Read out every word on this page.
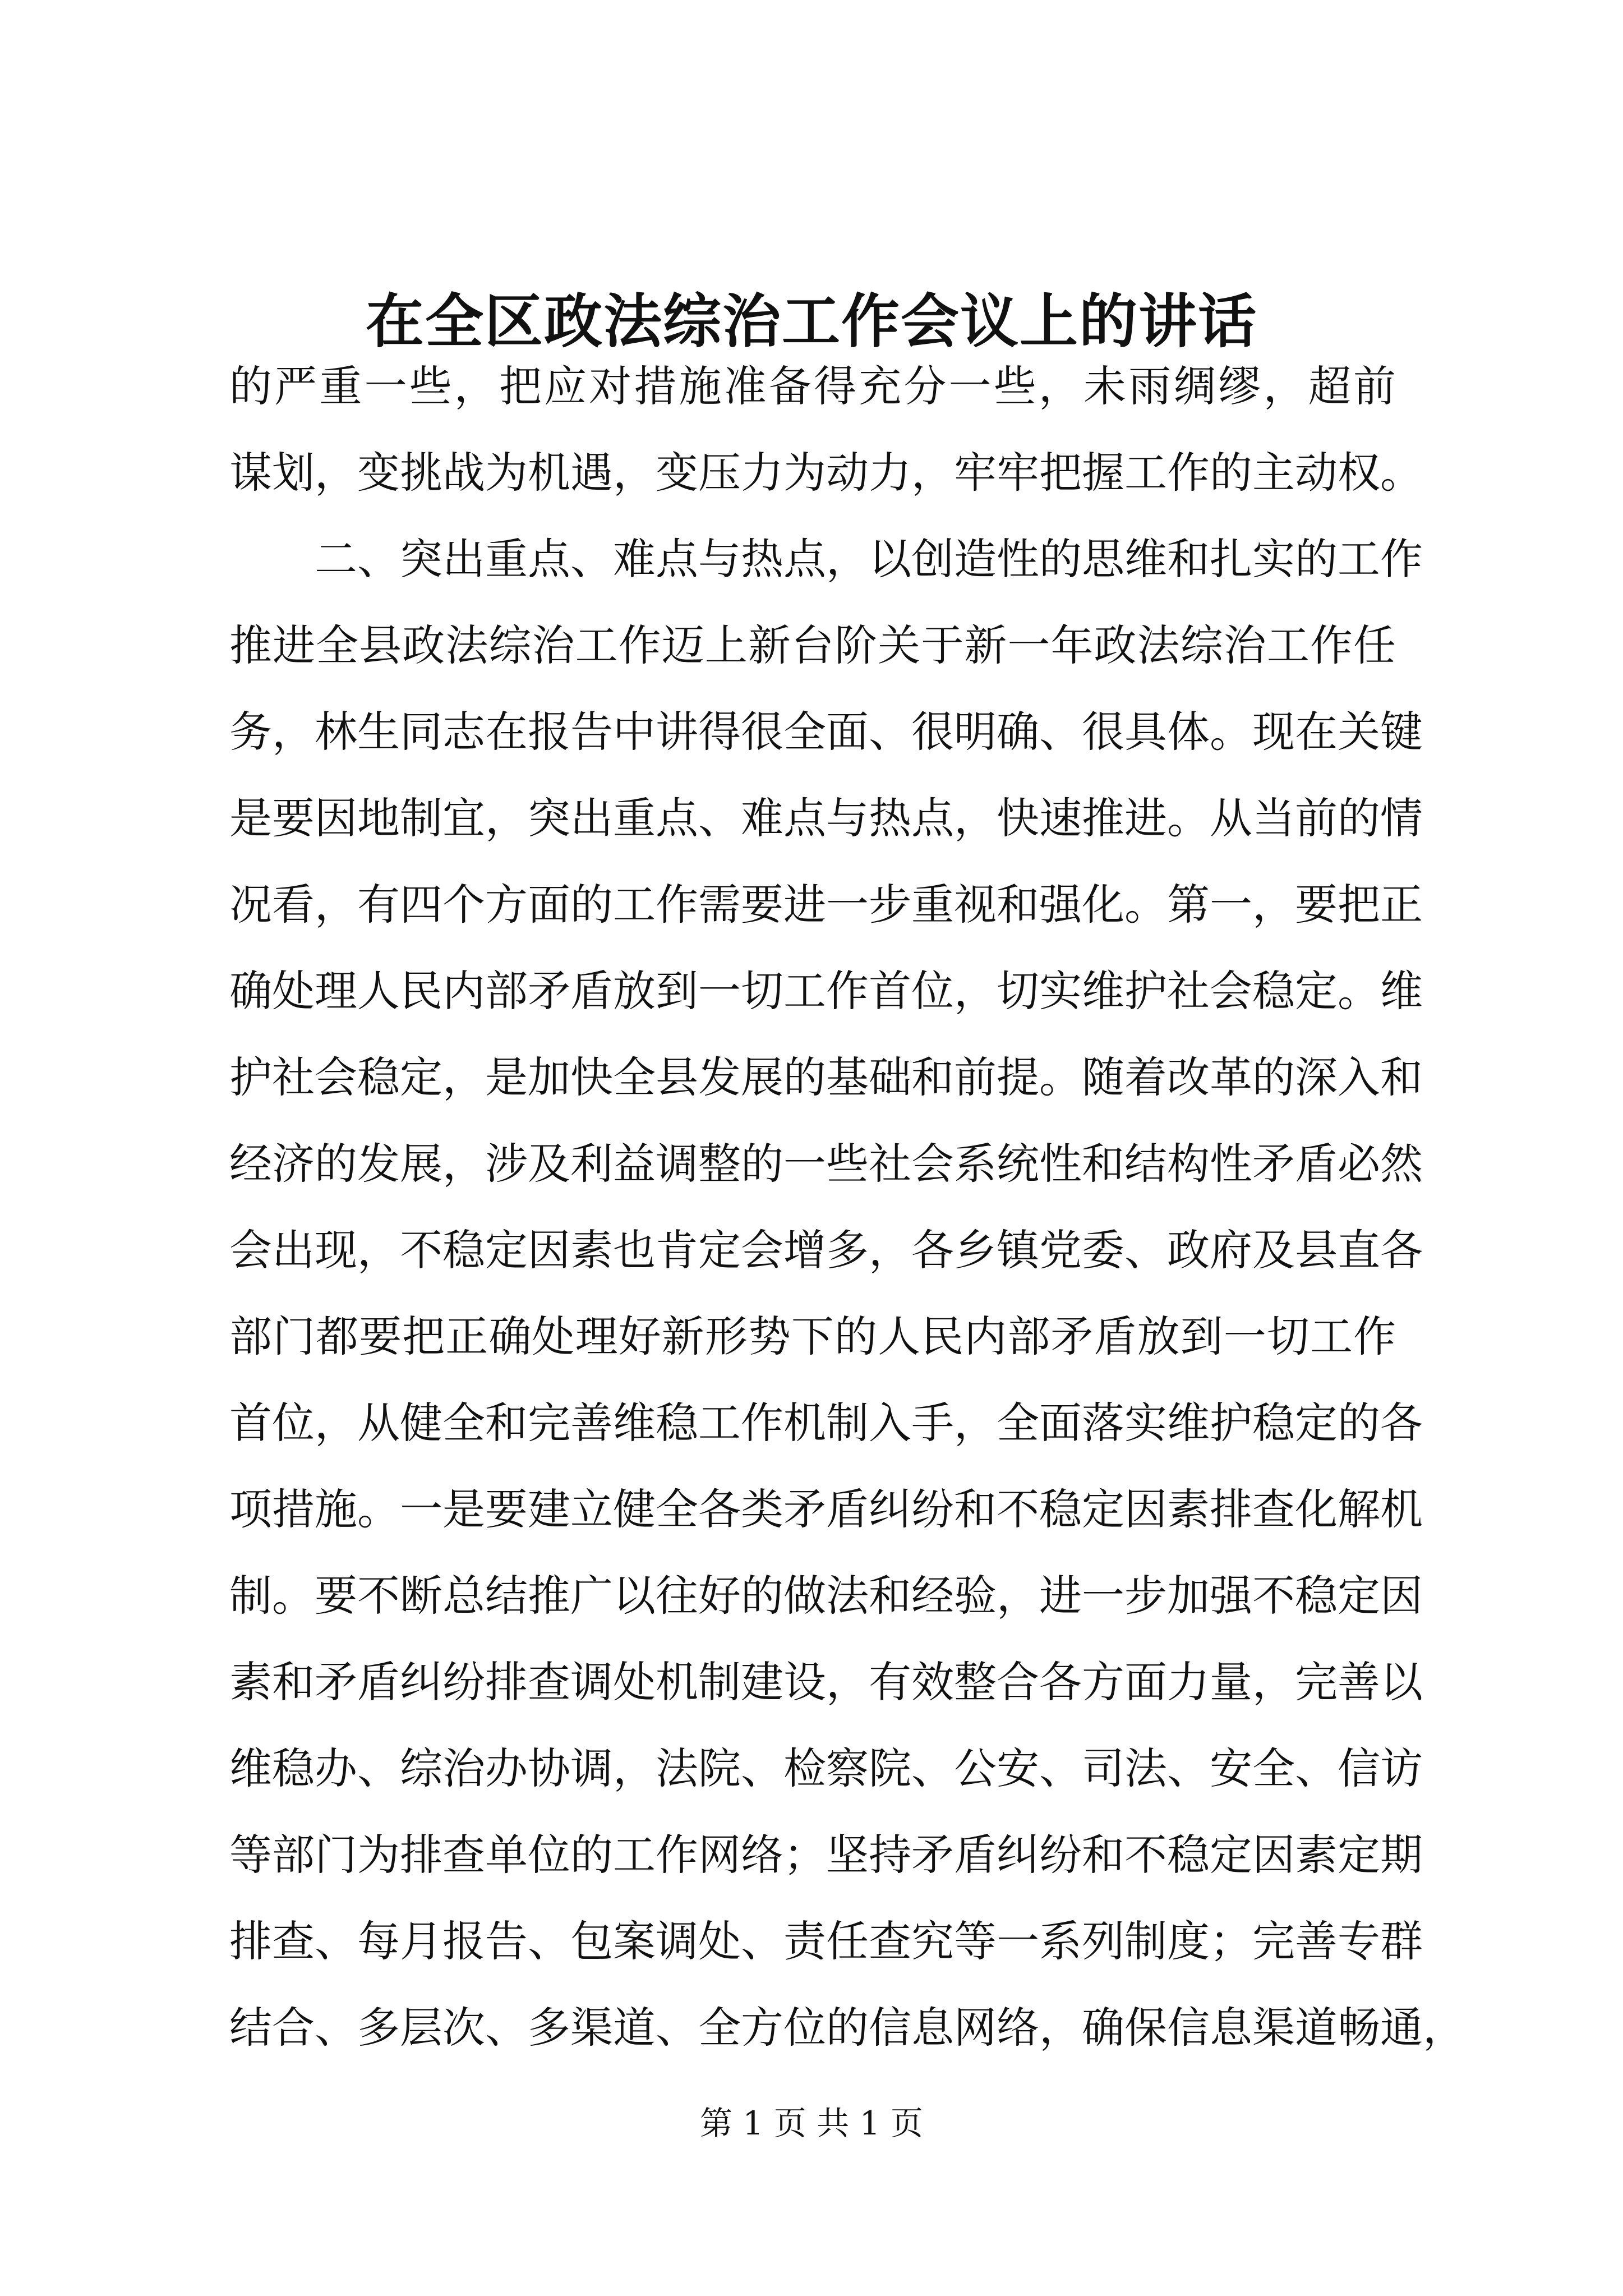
在全区政法综治工作会议上的讲话
的严重一些，把应对措施准备得充分一些，未雨绸缪，超前
谋划，变挑战为机遇，变压力为动力，牢牢把握工作的主动权。
二、突出重点、难点与热点，以创造性的思维和扎实的工作
推进全县政法综治工作迈上新台阶关于新一年政法综治工作任
务，林生同志在报告中讲得很全面、很明确、很具体。现在关键
是要因地制宜，突出重点、难点与热点，快速推进。从当前的情
况看，有四个方面的工作需要进一步重视和强化。第一，要把正
确处理人民内部矛盾放到一切工作首位，切实维护社会稳定。维
护社会稳定，是加快全县发展的基础和前提。随着改革的深入和
经济的发展，涉及利益调整的一些社会系统性和结构性矛盾必然
会出现，不稳定因素也肯定会增多，各乡镇党委、政府及县直各
部门都要把正确处理好新形势下的人民内部矛盾放到一切工作
首位，从健全和完善维稳工作机制入手，全面落实维护稳定的各
项措施。一是要建立健全各类矛盾纠纷和不稳定因素排查化解机
制。要不断总结推广以往好的做法和经验，进一步加强不稳定因
素和矛盾纠纷排查调处机制建设，有效整合各方面力量，完善以
维稳办、综治办协调，法院、检察院、公安、司法、安全、信访
等部门为排查单位的工作网络；坚持矛盾纠纷和不稳定因素定期
排查、每月报告、包案调处、责任查究等一系列制度；完善专群
结合、多层次、多渠道、全方位的信息网络，确保信息渠道畅通，
第 1 页 共 1 页
